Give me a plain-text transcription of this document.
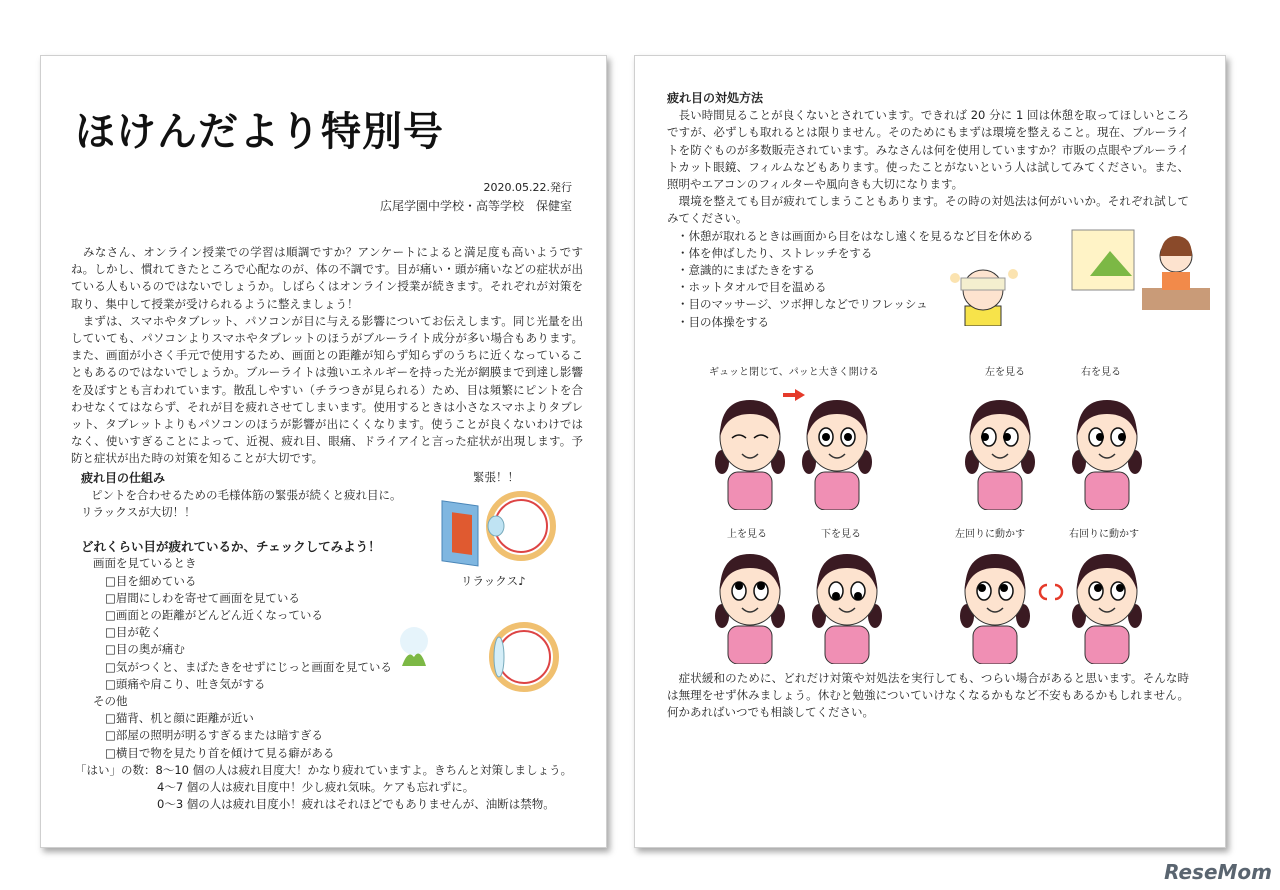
ほけんだより特別号
2020.05.22.発行
広尾学園中学校・高等学校　保健室
緊張！！
リラックス♪
　みなさん、オンライン授業での学習は順調ですか？アンケートによると満足度も高いようですね。しかし、慣れてきたところで心配なのが、体の不調です。目が痛い・頭が痛いなどの症状が出ている人もいるのではないでしょうか。しばらくはオンライン授業が続きます。それぞれが対策を取り、集中して授業が受けられるように整えましょう！
　まずは、スマホやタブレット、パソコンが目に与える影響についてお伝えします。同じ光量を出していても、パソコンよりスマホやタブレットのほうがブルーライト成分が多い場合もあります。また、画面が小さく手元で使用するため、画面との距離が知らず知らずのうちに近くなっていることもあるのではないでしょうか。ブルーライトは強いエネルギーを持った光が網膜まで到達し影響を及ぼすとも言われています。散乱しやすい（チラつきが見られる）ため、目は頻繁にピントを合わせなくてはならず、それが目を疲れさせてしまいます。使用するときは小さなスマホよりタブレット、タブレットよりもパソコンのほうが影響が出にくくなります。使うことが良くないわけではなく、使いすぎることによって、近視、疲れ目、眼痛、ドライアイと言った症状が出現します。予防と症状が出た時の対策を知ることが大切です。
疲れ目の仕組み
ピントを合わせるための毛様体筋の緊張が続くと疲れ目に。
リラックスが大切！！
どれくらい目が疲れているか、チェックしてみよう！
画面を見ているとき
□目を細めている
□眉間にしわを寄せて画面を見ている
□画面との距離がどんどん近くなっている
□目が乾く
□目の奥が痛む
□気がつくと、まばたきをせずにじっと画面を見ている
□頭痛や肩こり、吐き気がする
その他
□猫背、机と顔に距離が近い
□部屋の照明が明るすぎるまたは暗すぎる
□横目で物を見たり首を傾けて見る癖がある
「はい」の数：8～10 個の人は疲れ目度大！かなり疲れていますよ。きちんと対策しましょう。
4～7 個の人は疲れ目度中！少し疲れ気味。ケアも忘れずに。
0～3 個の人は疲れ目度小！疲れはそれほどでもありませんが、油断は禁物。
疲れ目の対処方法
　長い時間見ることが良くないとされています。できれば 20 分に 1 回は休憩を取ってほしいところですが、必ずしも取れるとは限りません。そのためにもまずは環境を整えること。現在、ブルーライトを防ぐものが多数販売されています。みなさんは何を使用していますか？市販の点眼やブルーライトカット眼鏡、フィルムなどもあります。使ったことがないという人は試してみてください。また、照明やエアコンのフィルターや風向きも大切になります。
　環境を整えても目が疲れてしまうこともあります。その時の対処法は何がいいか。それぞれ試してみてください。
・休憩が取れるときは画面から目をはなし遠くを見るなど目を休める
・体を伸ばしたり、ストレッチをする
・意識的にまばたきをする
・ホットタオルで目を温める
・目のマッサージ、ツボ押しなどでリフレッシュ
・目の体操をする
ギュッと閉じて、パッと大きく開ける	左を見る	右を見る
上を見る	下を見る	左回りに動かす	右回りに動かす
　症状緩和のために、どれだけ対策や対処法を実行しても、つらい場合があると思います。そんな時は無理をせず休みましょう。休むと勉強についていけなくなるかもなど不安もあるかもしれません。何かあればいつでも相談してください。
ReseMom
